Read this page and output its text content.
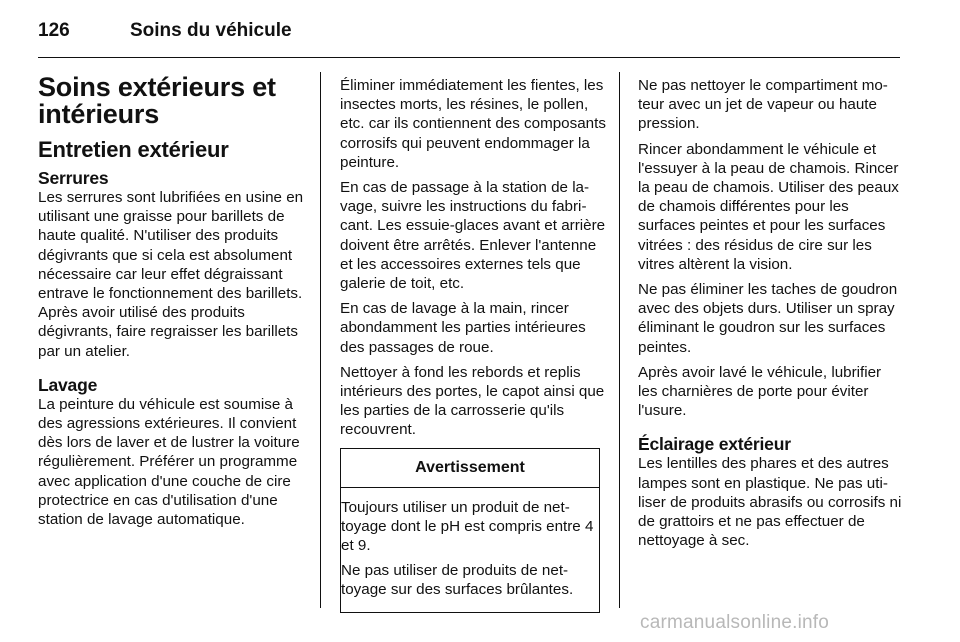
126	Soins du véhicule
Soins extérieurs et intérieurs
Entretien extérieur
Serrures

Les serrures sont lubrifiées en usine en utilisant une graisse pour barillets de haute qualité. N'utiliser des produits dégivrants que si cela est absolument nécessaire car leur effet dégraissant entrave le fonctionnement des barillets. Après avoir utilisé des produits dégivrants, faire regraisser les barillets par un atelier.

Lavage

La peinture du véhicule est soumise à des agressions extérieures. Il convient dès lors de laver et de lustrer la voiture régulièrement. Préférer un programme avec application d'une couche de cire protectrice en cas d'utilisation d'une station de lavage automatique.

Éliminer immédiatement les fientes, les insectes morts, les résines, le pollen, etc. car ils contiennent des composants corrosifs qui peuvent endommager la peinture.

En cas de passage à la station de lavage, suivre les instructions du fabricant. Les essuie-glaces avant et arrière doivent être arrêtés. Enlever l'antenne et les accessoires externes tels que galerie de toit, etc.

En cas de lavage à la main, rincer abondamment les parties intérieures des passages de roue.

Nettoyer à fond les rebords et replis intérieurs des portes, le capot ainsi que les parties de la carrosserie qu'ils recouvrent.

Avertissement

Toujours utiliser un produit de nettoyage dont le pH est compris entre 4 et 9.

Ne pas utiliser de produits de nettoyage sur des surfaces brûlantes.

Ne pas nettoyer le compartiment moteur avec un jet de vapeur ou haute pression.

Rincer abondamment le véhicule et l'essuyer à la peau de chamois. Rincer la peau de chamois. Utiliser des peaux de chamois différentes pour les surfaces peintes et pour les surfaces vitrées : des résidus de cire sur les vitres altèrent la vision.

Ne pas éliminer les taches de goudron avec des objets durs. Utiliser un spray éliminant le goudron sur les surfaces peintes.

Après avoir lavé le véhicule, lubrifier les charnières de porte pour éviter l'usure.

Éclairage extérieur

Les lentilles des phares et des autres lampes sont en plastique. Ne pas utiliser de produits abrasifs ou corrosifs ni de grattoirs et ne pas effectuer de nettoyage à sec.

carmanualsonline.info
